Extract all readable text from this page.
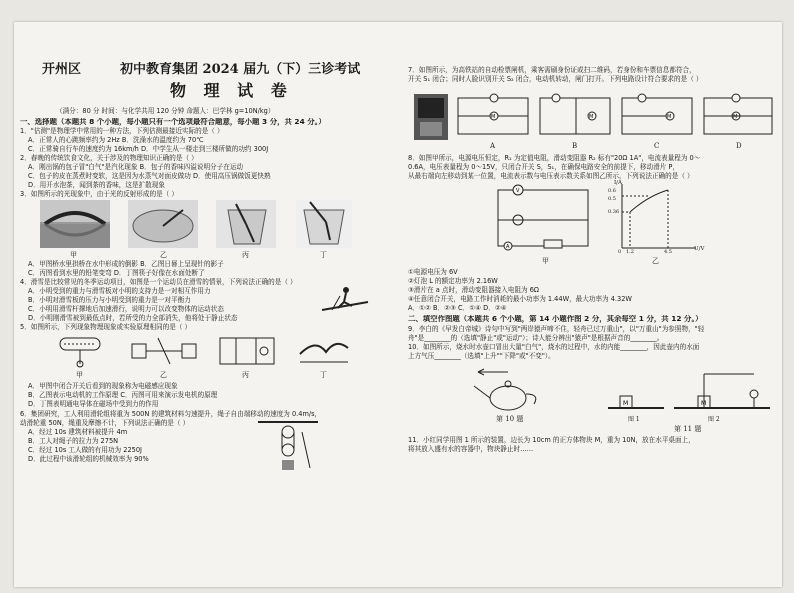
开州区	初中教育集团 2024 届九（下）三诊考试
物 理 试 卷
（满分：80 分 时间：与化学共用 120 分钟 命题人：巴学林 g=10N/kg）
一、选择题（本题共 8 个小题，每小题只有一个选项最符合题意，每小题 3 分，共 24 分。）
1．"估测"是物理学中常用的一种方法，下列估测最接近实际的是（ ）
A．正常人的心跳频率约为 2Hz B．洗澡水的温度约为 70℃
C．正常骑自行车的速度约为 16km/h D．中学生从一楼走到三楼所做的功约 300J
2．春晚的传统饮食文化，关于涉及的物理知识正确的是（ ）
A．刚出锅的包子冒"白气"是汽化现象 B．包子的香味四溢说明分子在运动
C．包子的皮在蒸煮时变软，这是因为水蒸气对面皮做功 D．使用高压锅做饭更快熟
D．用开水泡茶，闻到茶的香味，这是扩散现象
3．如图所示的光现象中，由于光的反射形成的是（ ）
甲	乙	丙	丁
A．甲图桥水里拱桥在水中形成的倒影 B．乙图日晷上呈现针的影子
C．丙图看到水里的铅笔变弯 D．丁图筷子好像在水面处断了
4．滑雪是比较常见的冬季运动项目，如图是一个运动员在滑雪的情景，下列说法正确的是（ ）
A．小明受到的重力与滑雪板对小明的支持力是一对相互作用力
B．小明对滑雪板的压力与小明受到的重力是一对平衡力
C．小明用滑雪杆撑地后加速滑行，说明力可以改变物体的运动状态
D．小明刚滑雪被到最低点时，若所受的力全部消失，他将处于静止状态
5．如图所示，下列现象物理现象或实验原理相同的是（ ）
甲	乙	丙	丁
A．甲图中闭合开关后看到的现象称为电磁感应现象
B．乙图表示电动机的工作原理 C．丙图可用来演示发电机的原理
D．丁图表明通电导体在磁场中受到力的作用
6．集团研究，工人利用滑轮组将重为 500N 的建筑材料匀速提升，绳子自由端移动的速度为 0.4m/s，
动滑轮重 50N，绳重及摩擦不计，下列说法正确的是（ ）
A．经过 10s 建筑材料被提升 4m
B．工人对绳子的拉力为 275N
C．经过 10s 工人做的有用功为 2250J
D．此过程中该滑轮组的机械效率为 90%
7．如图所示，为高铁站的自动检票闸机，乘客需刷身份证或扫二维码，若身份和车票信息都符合，
开关 S₁ 闭合；同时人脸识别开关 S₂ 闭合，电动机转动，闸门打开。下列电路设计符合要求的是（ ）
M	M	M	M
A	B	C	D
8．如图甲所示，电源电压恒定，R₁ 为定值电阻，滑动变阻器 R₂ 标有"20Ω 1A"，电流表量程为 0～
0.6A，电压表量程为 0～15V，只闭合开关 S，S₁，在确保电路安全的前提下，移动滑片 P，
从最右端向左移动到某一位置，电流表示数与电压表示数关系如图乙所示，下列说法正确的是（ ）
V
A
甲
I/A
U/V
0.6
0.5
0.36
0 1.2	4.5
乙
①电源电压为 6V
②灯泡 L 的额定功率为 2.16W
③滑片在 a 点时，滑动变阻器接入电阻为 6Ω
④任意闭合开关，电路工作时消耗的最小功率为 1.44W，最大功率为 4.32W
A．①② B．②③ C．①④ D．②④
二、填空作图题（本题共 6 个小题，第 14 小题作图 2 分，其余每空 1 分，共 12 分。）
9．李白的《早发白帝城》诗句中写到"两岸猿声啼不住，轻舟已过万重山"，以"万重山"为参照物，"轻
舟"是________的（选填"静止"或"运动"）；诗人能分辨出"猿声"是根据声音的________。
10．如图所示，烧水时水壶口冒出大量"白气"，烧水的过程中，水的内能________，因此壶内的水面
上方气压________（选填"上升""下降"或"不变"）。
第 10 题
M	M
图 1	图 2
第 11 题
11．小红同学用图 1 所示的装置，边长为 10cm 的正方体物块 M，重为 10N，放在水平桌面上，
将其放入盛有水的容器中，物块静止时……
